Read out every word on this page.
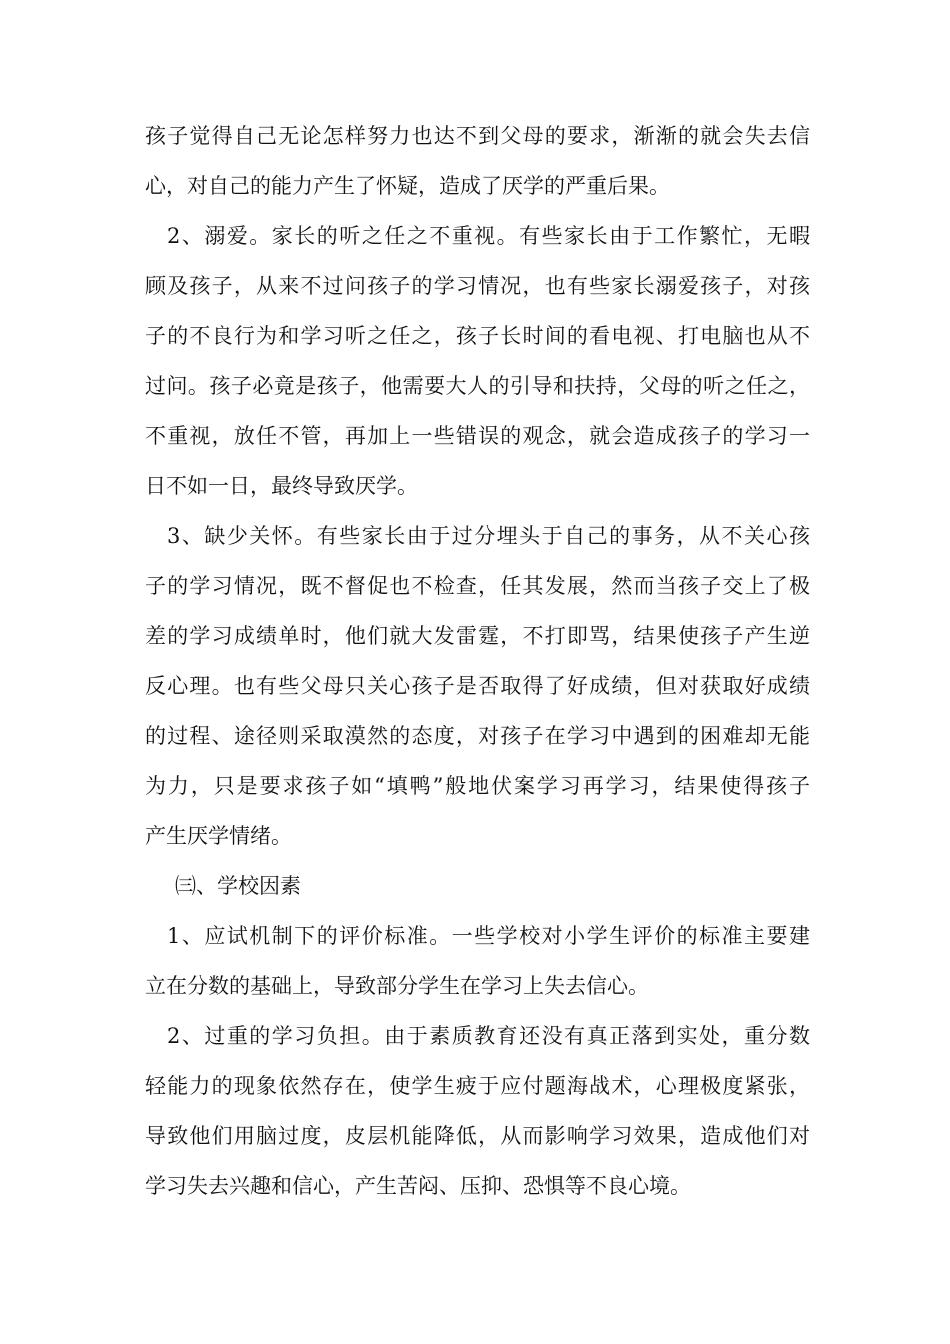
孩子觉得自己无论怎样努力也达不到父母的要求，渐渐的就会失去信
心，对自己的能力产生了怀疑，造成了厌学的严重后果。
2、溺爱。家长的听之任之不重视。有些家长由于工作繁忙，无暇
顾及孩子，从来不过问孩子的学习情况，也有些家长溺爱孩子，对孩
子的不良行为和学习听之任之，孩子长时间的看电视、打电脑也从不
过问。孩子必竟是孩子，他需要大人的引导和扶持，父母的听之任之，
不重视，放任不管，再加上一些错误的观念，就会造成孩子的学习一
日不如一日，最终导致厌学。
3、缺少关怀。有些家长由于过分埋头于自己的事务，从不关心孩
子的学习情况，既不督促也不检查，任其发展，然而当孩子交上了极
差的学习成绩单时，他们就大发雷霆，不打即骂，结果使孩子产生逆
反心理。也有些父母只关心孩子是否取得了好成绩，但对获取好成绩
的过程、途径则采取漠然的态度，对孩子在学习中遇到的困难却无能
为力，只是要求孩子如“填鸭”般地伏案学习再学习，结果使得孩子
产生厌学情绪。
㈢、学校因素
1、应试机制下的评价标准。一些学校对小学生评价的标准主要建
立在分数的基础上，导致部分学生在学习上失去信心。
2、过重的学习负担。由于素质教育还没有真正落到实处，重分数
轻能力的现象依然存在，使学生疲于应付题海战术，心理极度紧张，
导致他们用脑过度，皮层机能降低，从而影响学习效果，造成他们对
学习失去兴趣和信心，产生苦闷、压抑、恐惧等不良心境。
